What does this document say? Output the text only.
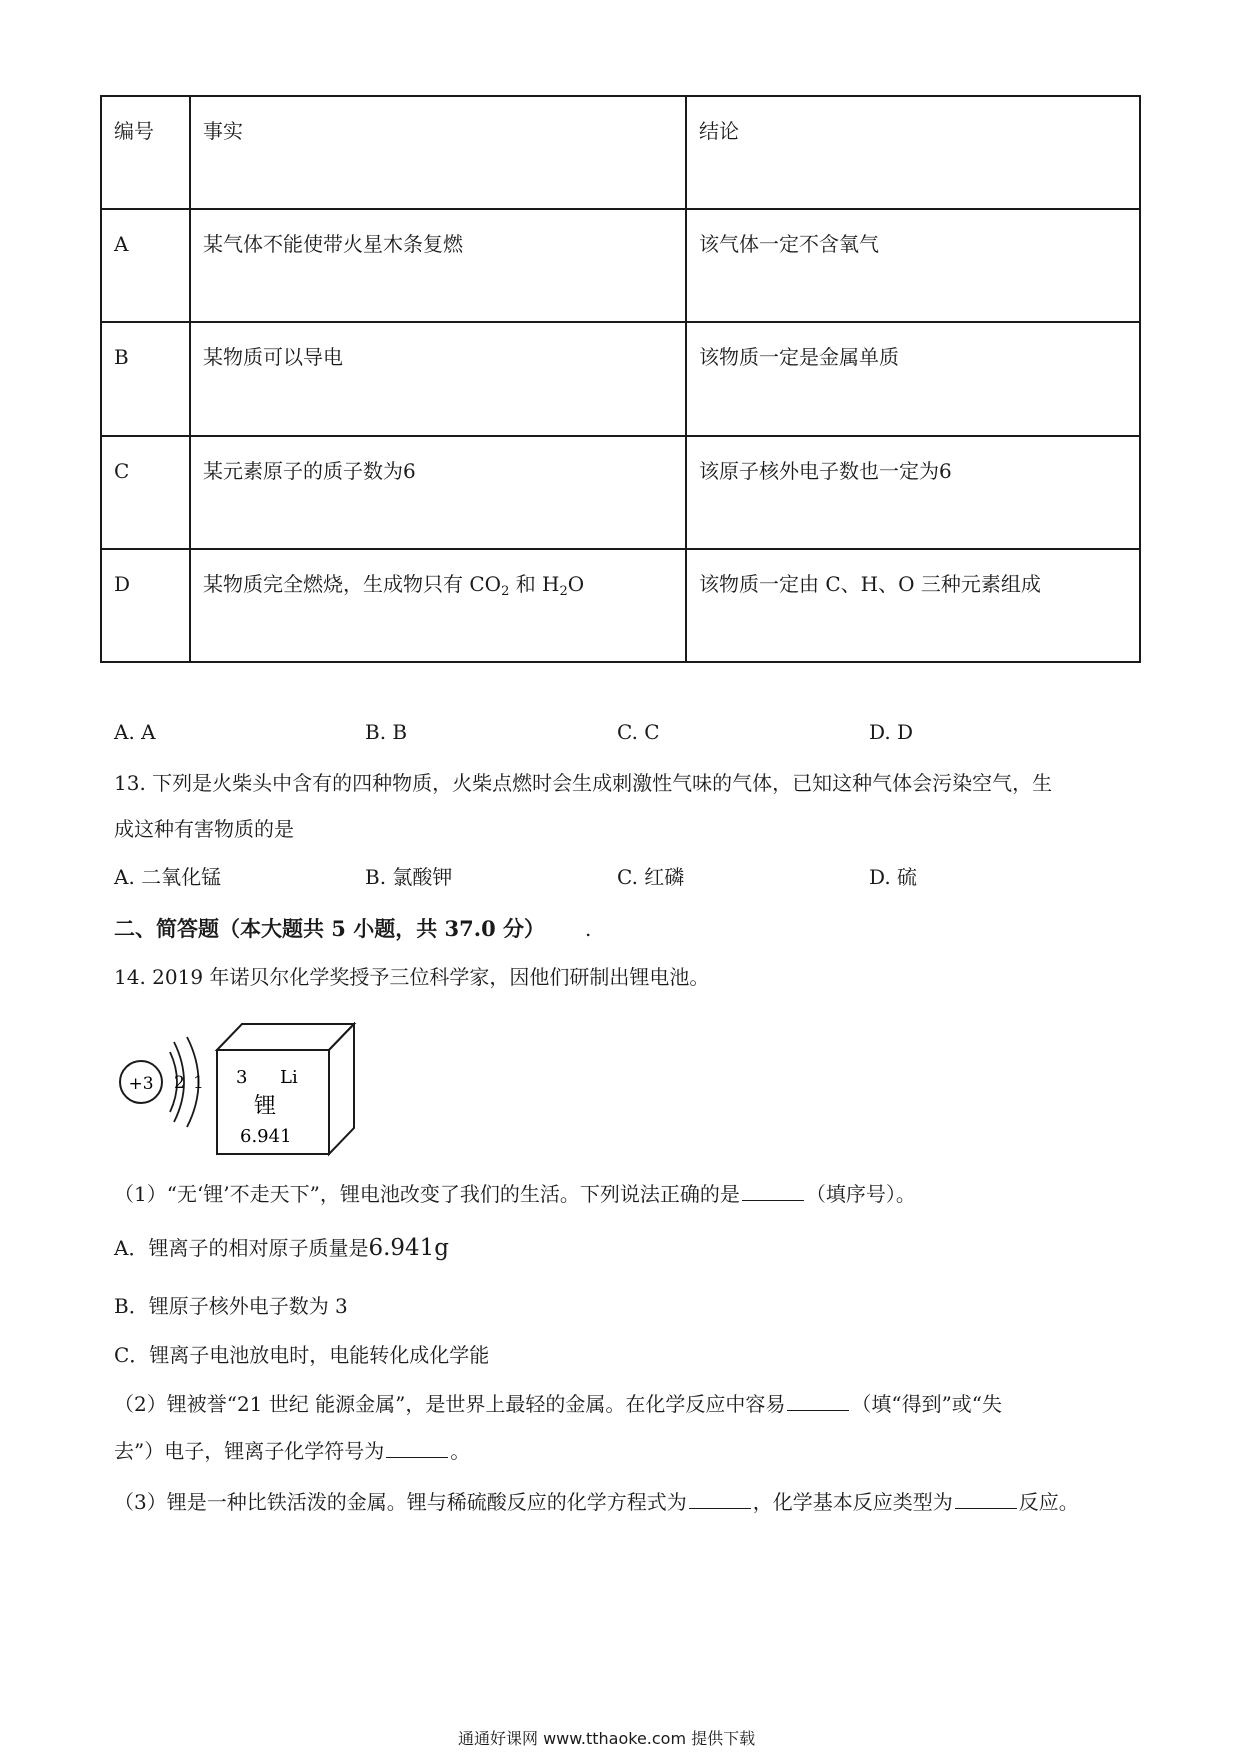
编号	事实	结论
A	某气体不能使带火星木条复燃	该气体一定不含氧气
B	某物质可以导电	该物质一定是金属单质
C	某元素原子的质子数为6	该原子核外电子数也一定为6
D	某物质完全燃烧，生成物只有 $CO_2$ 和 $H_2O$	该物质一定由 C、H、O 三种元素组成
A. A	B. B	C. C	D. D
13. 下列是火柴头中含有的四种物质，火柴点燃时会生成刺激性气味的气体，已知这种气体会污染空气，生
成这种有害物质的是
A. 二氧化锰	B. 氯酸钾	C. 红磷	D. 硫
二、简答题（本大题共 5 小题，共 37.0 分） .
14. 2019 年诺贝尔化学奖授予三位科学家，因他们研制出锂电池。
+3 2 1 3 Li
锂
6.941
（1）“无‘锂’不走天下”，锂电池改变了我们的生活。下列说法正确的是	（填序号）。
A．锂离子的相对原子质量是6.941g
B．锂原子核外电子数为 3
C．锂离子电池放电时，电能转化成化学能
（2）锂被誉“21 世纪 能源金属”，是世界上最轻的金属。在化学反应中容易	（填“得到”或“失
去”）电子，锂离子化学符号为	。
（3）锂是一种比铁活泼的金属。锂与稀硫酸反应的化学方程式为	，化学基本反应类型为	反应。
通通好课网 www.tthaoke.com 提供下载
